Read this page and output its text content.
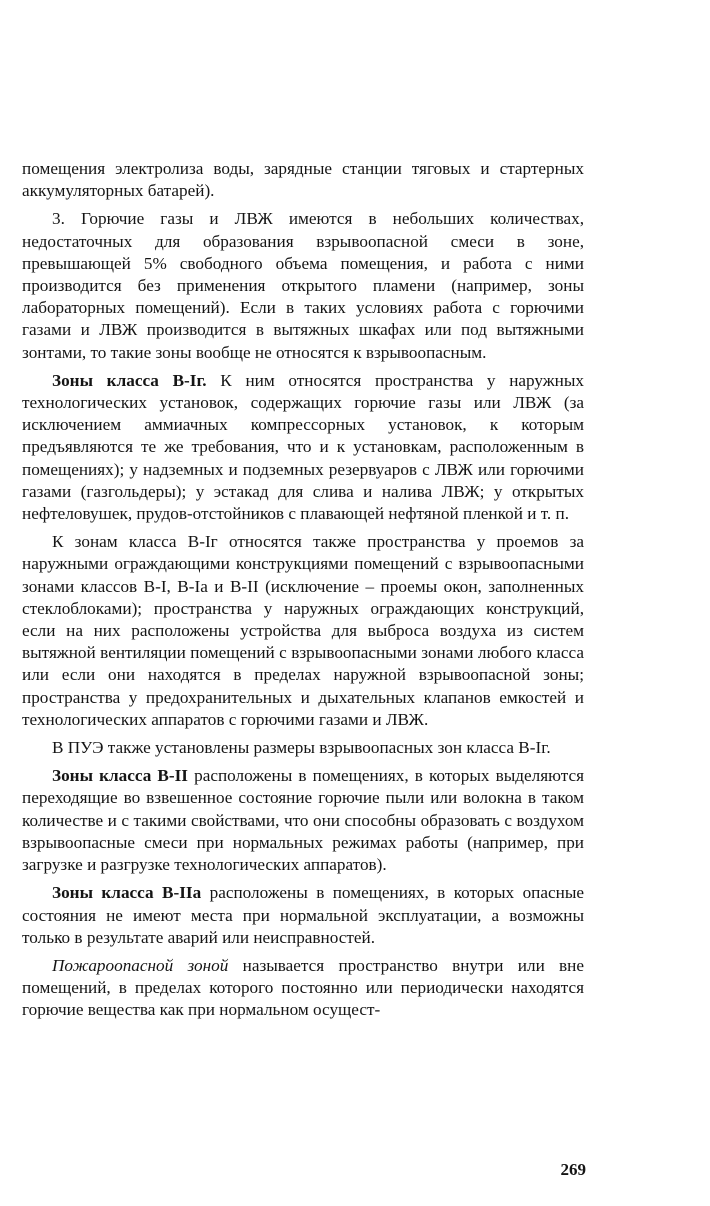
помещения электролиза воды, зарядные станции тяговых и стартерных аккумуляторных батарей).

3. Горючие газы и ЛВЖ имеются в небольших количествах, недостаточных для образования взрывоопасной смеси в зоне, превышающей 5% свободного объема помещения, и работа с ними производится без применения открытого пламени (например, зоны лабораторных помещений). Если в таких условиях работа с горючими газами и ЛВЖ производится в вытяжных шкафах или под вытяжными зонтами, то такие зоны вообще не относятся к взрывоопасным.

Зоны класса В-Iг. К ним относятся пространства у наружных технологических установок, содержащих горючие газы или ЛВЖ (за исключением аммиачных компрессорных установок, к которым предъявляются те же требования, что и к установкам, расположенным в помещениях); у надземных и подземных резервуаров с ЛВЖ или горючими газами (газгольдеры); у эстакад для слива и налива ЛВЖ; у открытых нефтеловушек, прудов-отстойников с плавающей нефтяной пленкой и т. п.

К зонам класса В-Iг относятся также пространства у проемов за наружными ограждающими конструкциями помещений с взрывоопасными зонами классов В-I, В-Iа и В-II (исключение – проемы окон, заполненных стеклоблоками); пространства у наружных ограждающих конструкций, если на них расположены устройства для выброса воздуха из систем вытяжной вентиляции помещений с взрывоопасными зонами любого класса или если они находятся в пределах наружной взрывоопасной зоны; пространства у предохранительных и дыхательных клапанов емкостей и технологических аппаратов с горючими газами и ЛВЖ.

В ПУЭ также установлены размеры взрывоопасных зон класса В-Iг.

Зоны класса В-II расположены в помещениях, в которых выделяются переходящие во взвешенное состояние горючие пыли или волокна в таком количестве и с такими свойствами, что они способны образовать с воздухом взрывоопасные смеси при нормальных режимах работы (например, при загрузке и разгрузке технологических аппаратов).

Зоны класса В-IIа расположены в помещениях, в которых опасные состояния не имеют места при нормальной эксплуатации, а возможны только в результате аварий или неисправностей.

Пожароопасной зоной называется пространство внутри или вне помещений, в пределах которого постоянно или периодически находятся горючие вещества как при нормальном осущест-

269
